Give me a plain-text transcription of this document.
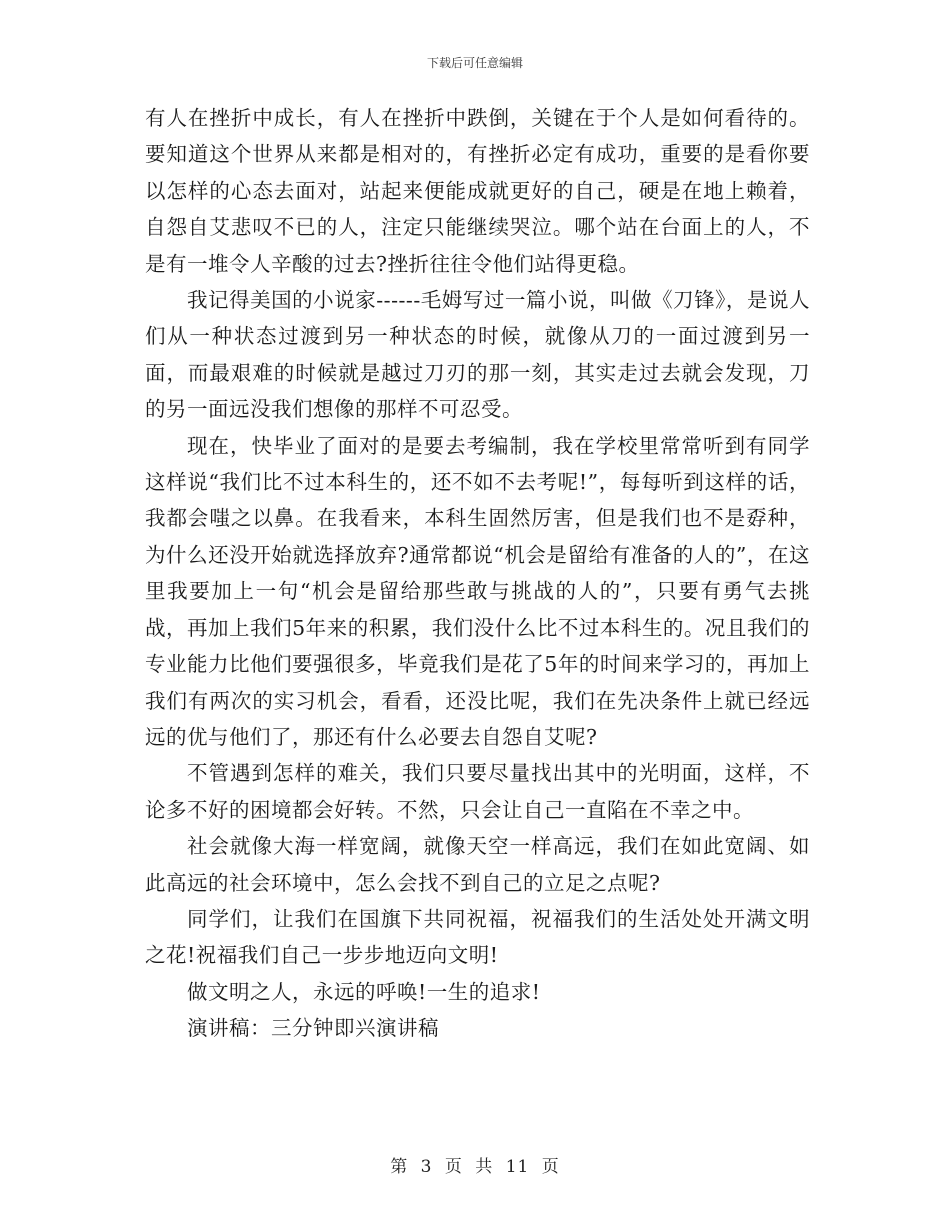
下载后可任意编辑

有人在挫折中成长，有人在挫折中跌倒，关键在于个人是如何看待的。要知道这个世界从来都是相对的，有挫折必定有成功，重要的是看你要以怎样的心态去面对，站起来便能成就更好的自己，硬是在地上赖着，自怨自艾悲叹不已的人，注定只能继续哭泣。哪个站在台面上的人，不是有一堆令人辛酸的过去?挫折往往令他们站得更稳。

我记得美国的小说家------毛姆写过一篇小说，叫做《刀锋》，是说人们从一种状态过渡到另一种状态的时候，就像从刀的一面过渡到另一面，而最艰难的时候就是越过刀刃的那一刻，其实走过去就会发现，刀的另一面远没我们想像的那样不可忍受。

现在，快毕业了面对的是要去考编制，我在学校里常常听到有同学这样说“我们比不过本科生的，还不如不去考呢!”，每每听到这样的话，我都会嗤之以鼻。在我看来，本科生固然厉害，但是我们也不是孬种，为什么还没开始就选择放弃?通常都说“机会是留给有准备的人的”，在这里我要加上一句“机会是留给那些敢与挑战的人的”，只要有勇气去挑战，再加上我们5年来的积累，我们没什么比不过本科生的。况且我们的专业能力比他们要强很多，毕竟我们是花了5年的时间来学习的，再加上我们有两次的实习机会，看看，还没比呢，我们在先决条件上就已经远远的优与他们了，那还有什么必要去自怨自艾呢?

不管遇到怎样的难关，我们只要尽量找出其中的光明面，这样，不论多不好的困境都会好转。不然，只会让自己一直陷在不幸之中。

社会就像大海一样宽阔，就像天空一样高远，我们在如此宽阔、如此高远的社会环境中，怎么会找不到自己的立足之点呢?

同学们，让我们在国旗下共同祝福，祝福我们的生活处处开满文明之花!祝福我们自己一步步地迈向文明!

做文明之人，永远的呼唤!一生的追求!

演讲稿：三分钟即兴演讲稿

第 3 页 共 11 页
